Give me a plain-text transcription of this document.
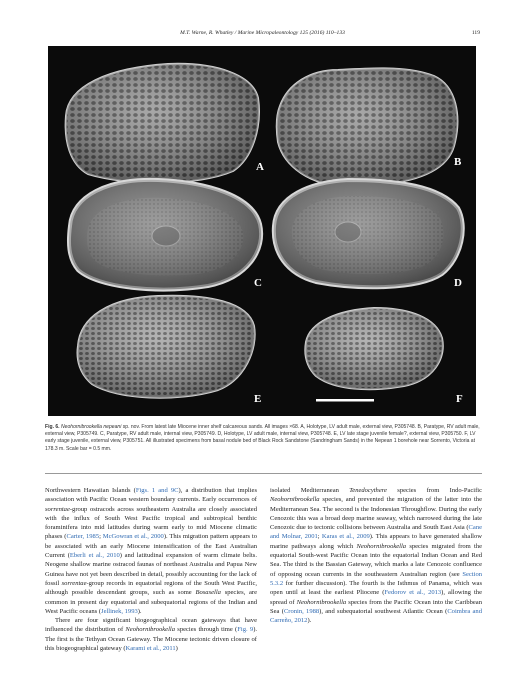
M.T. Warne, R. Whatley / Marine Micropaleontology 125 (2016) 110–133	119
A	B
C	D
E	F
Fig. 6. Neohornibrookella nepeani sp. nov. From latest late Miocene inner shelf calcareous sands. All images ×68. A, Holotype, LV adult male, external view, P305748. B, Paratype, RV adult male, external view, P305749. C, Paratype, RV adult male, internal view, P305749. D, Holotype, LV adult male, internal view, P305748. E, LV late stage juvenile female?, external view, P305750. F, LV early stage juvenile, external view, P305751. All illustrated specimens from basal nodule bed of Black Rock Sandstone (Sandringham Sands) in the Nepean 1 borehole near Sorrento, Victoria at 178.3 m. Scale bar = 0.5 mm.

Northwestern Hawaiian Islands (Figs. 1 and 9C), a distribution that implies association with Pacific Ocean western boundary currents. Early occurrences of sorrentae-group ostracods across southeastern Australia are closely associated with the influx of South West Pacific tropical and subtropical benthic foraminifera into mid latitudes during warm early to mid Miocene climatic phases (Carter, 1985; McGowran et al., 2000). This migration pattern appears to be associated with an early Miocene intensification of the East Australian Current (Eberli et al., 2010) and latitudinal expansion of warm climate belts. Neogene shallow marine ostracod faunas of northeast Australia and Papua New Guinea have not yet been described in detail, possibly accounting for the lack of fossil sorrentae-group records in equatorial regions of the South West Pacific, although possible descendant groups, such as some Bosasella species, are common in present day equatorial and subequatorial regions of the Indian and West Pacific oceans (Jellinek, 1993).

There are four significant biogeographical ocean gateways that have influenced the distribution of Neohornibrookella species through time (Fig. 9). The first is the Tethyan Ocean Gateway. The Miocene tectonic driven closure of this biogeographical gateway (Karami et al., 2011)

isolated Mediterranean Tenedocythere species from Indo-Pacific Neohornibrookella species, and prevented the migration of the latter into the Mediterranean Sea. The second is the Indonesian Throughflow. During the early Cenozoic this was a broad deep marine seaway, which narrowed during the late Cenozoic due to tectonic collisions between Australia and South East Asia (Cane and Molnar, 2001; Karas et al., 2009). This appears to have generated shallow marine pathways along which Neohornibrookella species migrated from the equatorial South-west Pacific Ocean into the equatorial Indian Ocean and Red Sea. The third is the Bassian Gateway, which marks a late Cenozoic confluence of opposing ocean currents in the southeastern Australian region (see Section 5.3.2 for further discussion). The fourth is the Isthmus of Panama, which was open until at least the earliest Pliocene (Fedorov et al., 2013), allowing the spread of Neohornibrookella species from the Pacific Ocean into the Caribbean Sea (Cronin, 1988), and subequatorial southwest Atlantic Ocean (Coimbra and Carreño, 2012).
